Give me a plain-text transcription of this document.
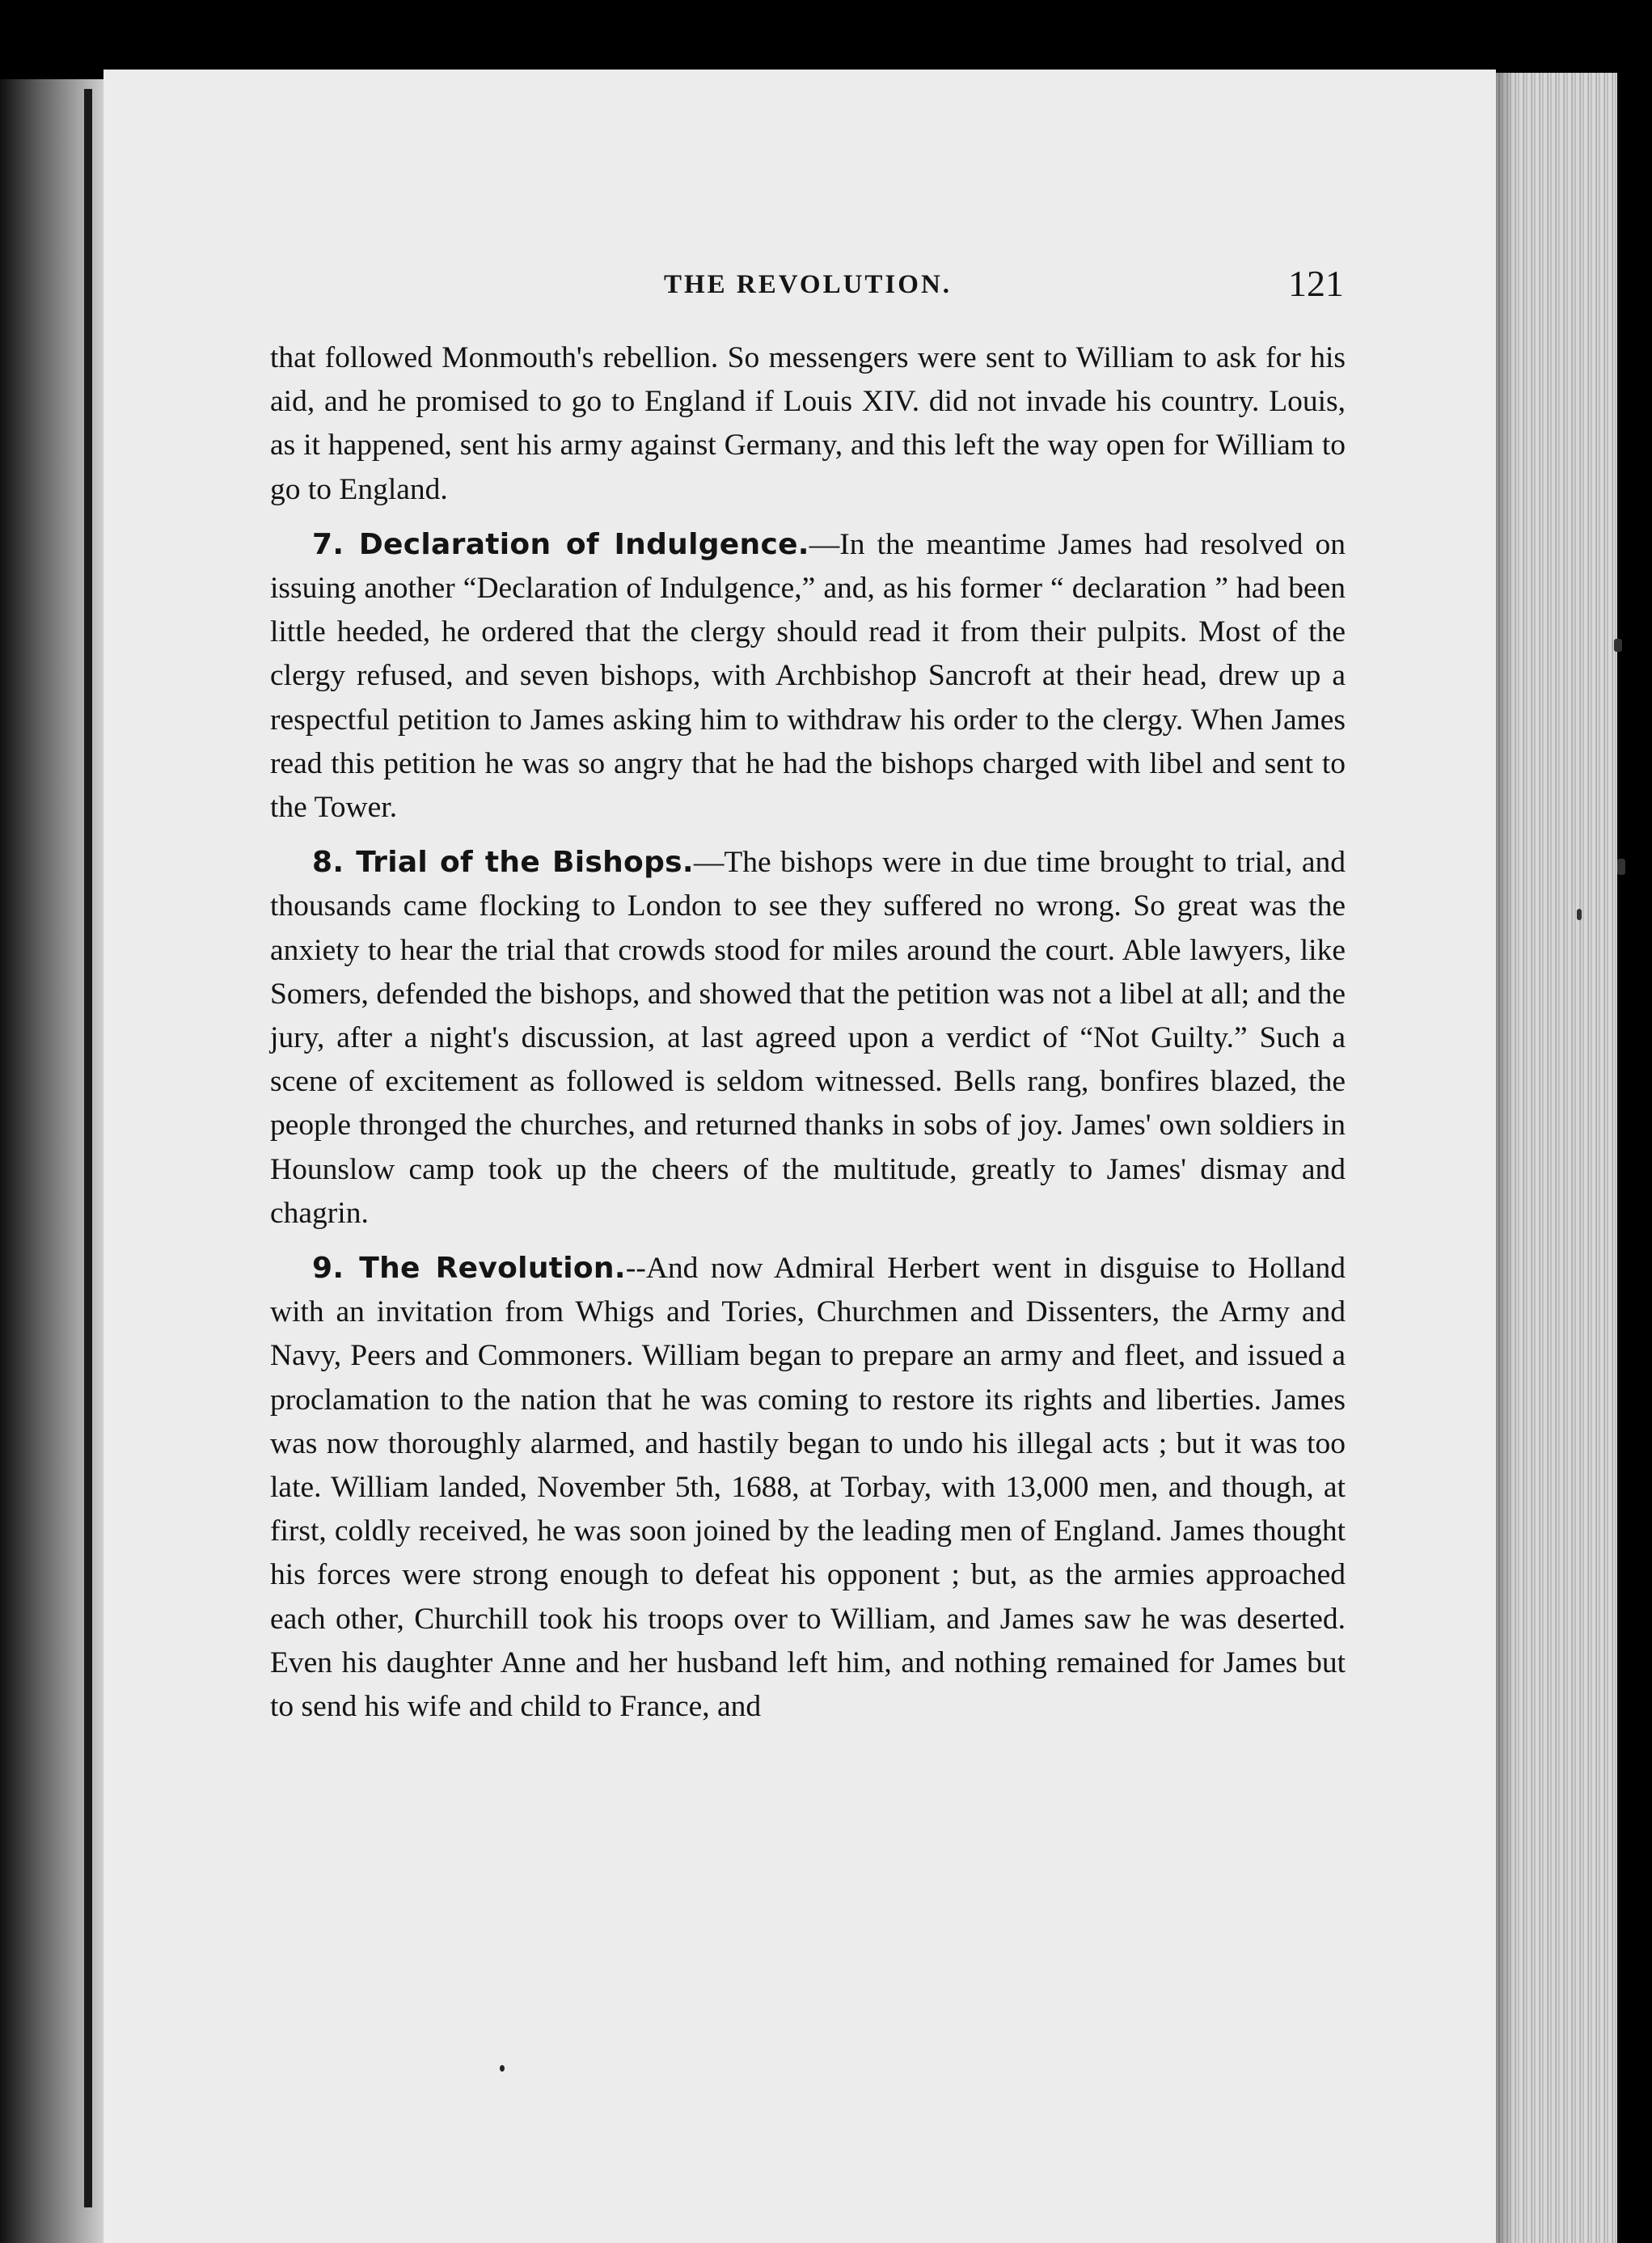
THE REVOLUTION.	121

that followed Monmouth's rebellion. So messengers were sent to William to ask for his aid, and he promised to go to England if Louis XIV. did not invade his country. Louis, as it happened, sent his army against Germany, and this left the way open for William to go to England.

7. Declaration of Indulgence.—In the meantime James had resolved on issuing another “Declaration of Indulgence,” and, as his former “ declaration ” had been little heeded, he ordered that the clergy should read it from their pulpits. Most of the clergy refused, and seven bishops, with Archbishop Sancroft at their head, drew up a respectful petition to James asking him to withdraw his order to the clergy. When James read this petition he was so angry that he had the bishops charged with libel and sent to the Tower.

8. Trial of the Bishops.—The bishops were in due time brought to trial, and thousands came flocking to London to see they suffered no wrong. So great was the anxiety to hear the trial that crowds stood for miles around the court. Able lawyers, like Somers, defended the bishops, and showed that the petition was not a libel at all; and the jury, after a night's discussion, at last agreed upon a verdict of “Not Guilty.” Such a scene of excitement as followed is seldom witnessed. Bells rang, bonfires blazed, the people thronged the churches, and returned thanks in sobs of joy. James' own soldiers in Hounslow camp took up the cheers of the multitude, greatly to James' dismay and chagrin.

9. The Revolution.--And now Admiral Herbert went in disguise to Holland with an invitation from Whigs and Tories, Churchmen and Dissenters, the Army and Navy, Peers and Commoners. William began to prepare an army and fleet, and issued a proclamation to the nation that he was coming to restore its rights and liberties. James was now thoroughly alarmed, and hastily began to undo his illegal acts ; but it was too late. William landed, November 5th, 1688, at Torbay, with 13,000 men, and though, at first, coldly received, he was soon joined by the leading men of England. James thought his forces were strong enough to defeat his opponent ; but, as the armies approached each other, Churchill took his troops over to William, and James saw he was deserted. Even his daughter Anne and her husband left him, and nothing remained for James but to send his wife and child to France, and
